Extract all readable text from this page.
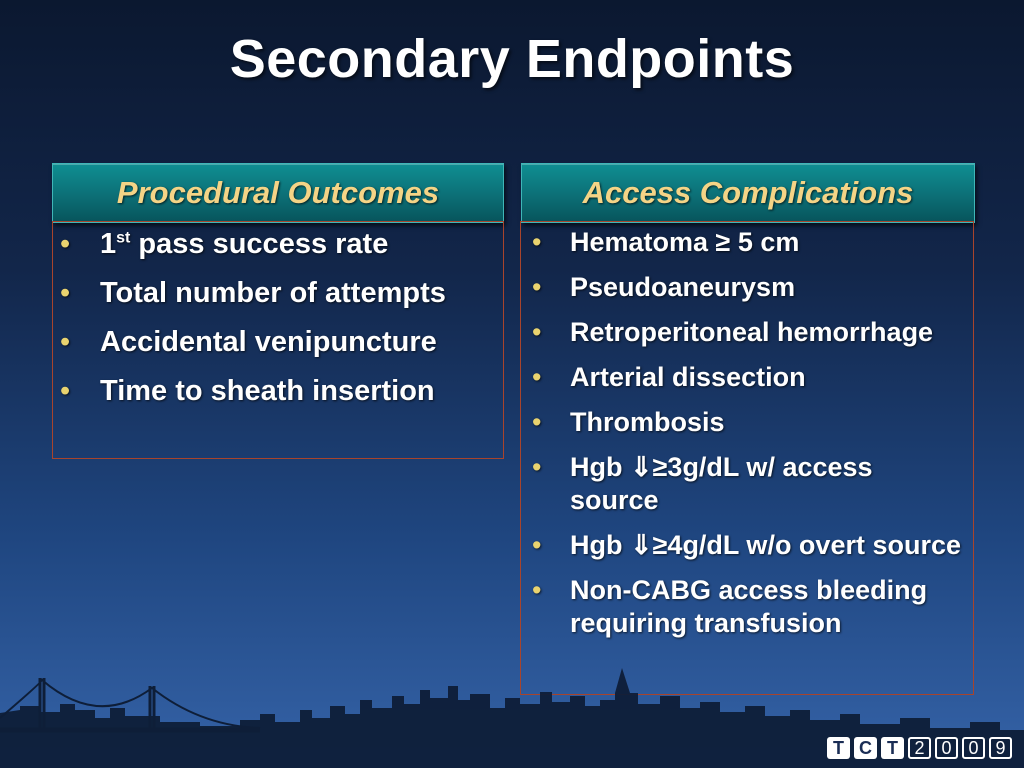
Secondary Endpoints
Procedural Outcomes
• 1st pass success rate
• Total number of attempts
• Accidental venipuncture
• Time to sheath insertion
Access Complications
• Hematoma ≥ 5 cm
• Pseudoaneurysm
• Retroperitoneal hemorrhage
• Arterial dissection
• Thrombosis
• Hgb ⇓≥3g/dL w/ access source
• Hgb ⇓≥4g/dL w/o overt source
• Non-CABG access bleeding requiring transfusion
T C T 2 0 0 9
